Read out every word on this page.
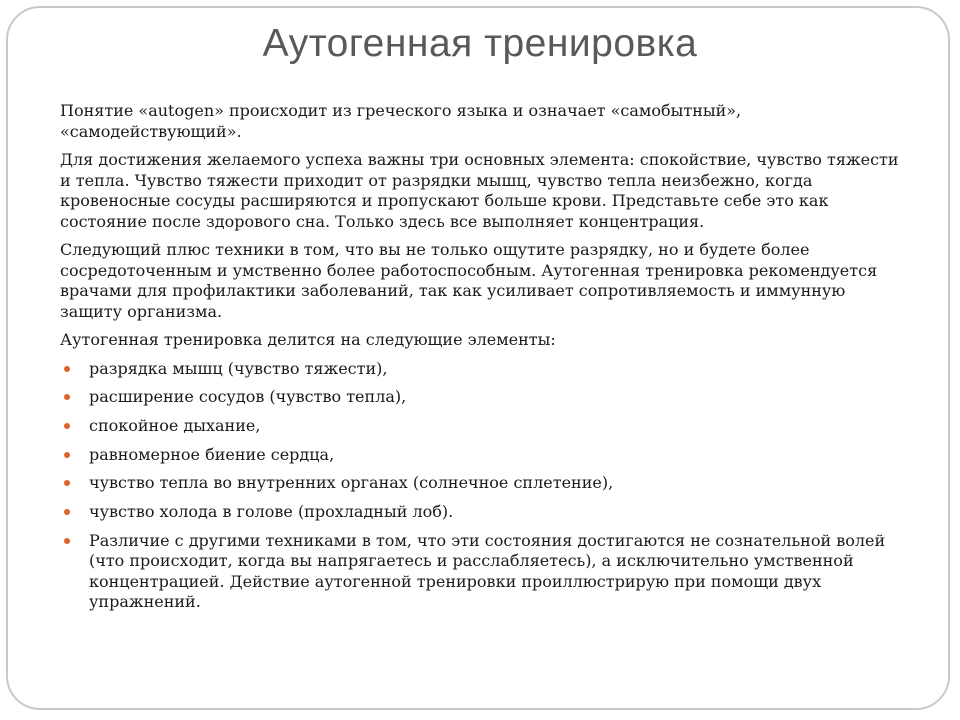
Аутогенная тренировка

Понятие «autogen» происходит из греческого языка и означает «самобытный», «самодействующий».

Для достижения желаемого успеха важны три основных элемента: спокойствие, чувство тяжести и тепла. Чувство тяжести приходит от разрядки мышц, чувство тепла неизбежно, когда кровеносные сосуды расширяются и пропускают больше крови. Представьте себе это как состояние после здорового сна. Только здесь все выполняет концентрация.

Следующий плюс техники в том, что вы не только ощутите разрядку, но и будете более сосредоточенным и умственно более работоспособным. Аутогенная тренировка рекомендуется врачами для профилактики заболеваний, так как усиливает сопротивляемость и иммунную защиту организма.

Аутогенная тренировка делится на следующие элементы:

разрядка мышц (чувство тяжести),
расширение сосудов (чувство тепла),
спокойное дыхание,
равномерное биение сердца,
чувство тепла во внутренних органах (солнечное сплетение),
чувство холода в голове (прохладный лоб).
Различие с другими техниками в том, что эти состояния достигаются не сознательной волей (что происходит, когда вы напрягаетесь и расслабляетесь), а исключительно умственной концентрацией. Действие аутогенной тренировки проиллюстрирую при помощи двух упражнений.
